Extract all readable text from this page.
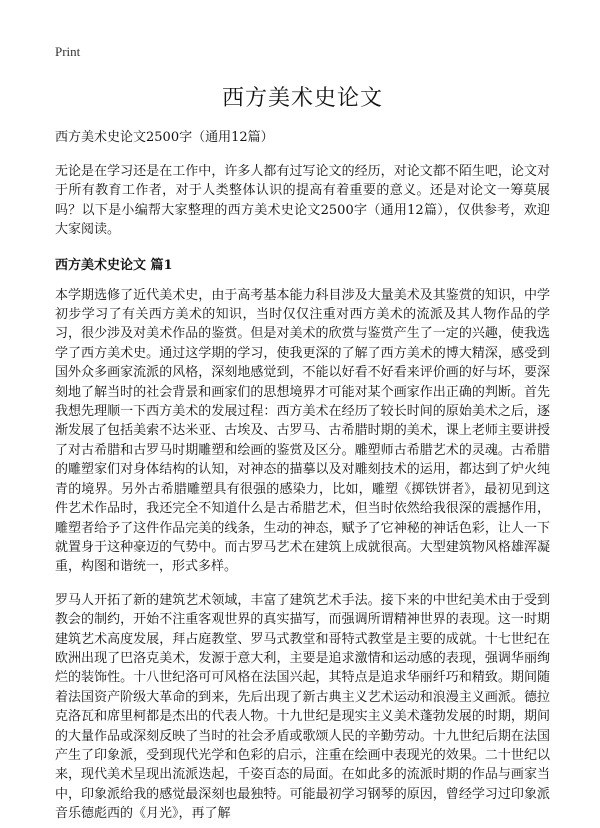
Print
西方美术史论文
西方美术史论文2500字（通用12篇）

无论是在学习还是在工作中，许多人都有过写论文的经历，对论文都不陌生吧，论文对于所有教育工作者，对于人类整体认识的提高有着重要的意义。还是对论文一筹莫展吗？以下是小编帮大家整理的西方美术史论文2500字（通用12篇），仅供参考，欢迎大家阅读。

西方美术史论文 篇1

本学期选修了近代美术史，由于高考基本能力科目涉及大量美术及其鉴赏的知识，中学初步学习了有关西方美术的知识，当时仅仅注重对西方美术的流派及其人物作品的学习，很少涉及对美术作品的鉴赏。但是对美术的欣赏与鉴赏产生了一定的兴趣，使我选学了西方美术史。通过这学期的学习，使我更深的了解了西方美术的博大精深，感受到国外众多画家流派的风格，深刻地感觉到，不能以好看不好看来评价画的好与坏，要深刻地了解当时的社会背景和画家们的思想境界才可能对某个画家作出正确的判断。首先我想先理顺一下西方美术的发展过程：西方美术在经历了较长时间的原始美术之后，逐渐发展了包括美索不达米亚、古埃及、古罗马、古希腊时期的美术，课上老师主要讲授了对古希腊和古罗马时期雕塑和绘画的鉴赏及区分。雕塑师古希腊艺术的灵魂。古希腊的雕塑家们对身体结构的认知，对神态的描摹以及对雕刻技术的运用，都达到了炉火纯青的境界。另外古希腊雕塑具有很强的感染力，比如，雕塑《掷铁饼者》，最初见到这件艺术作品时，我还完全不知道什么是古希腊艺术，但当时依然给我很深的震撼作用，雕塑者给予了这件作品完美的线条，生动的神态，赋予了它神秘的神话色彩，让人一下就置身于这种豪迈的气势中。而古罗马艺术在建筑上成就很高。大型建筑物风格雄浑凝重，构图和谐统一，形式多样。

罗马人开拓了新的建筑艺术领域，丰富了建筑艺术手法。接下来的中世纪美术由于受到教会的制约，开始不注重客观世界的真实描写，而强调所谓精神世界的表现。这一时期建筑艺术高度发展，拜占庭教堂、罗马式教堂和哥特式教堂是主要的成就。十七世纪在欧洲出现了巴洛克美术，发源于意大利，主要是追求激情和运动感的表现，强调华丽绚烂的装饰性。十八世纪洛可可风格在法国兴起，其特点是追求华丽纤巧和精致。期间随着法国资产阶级大革命的到来，先后出现了新古典主义艺术运动和浪漫主义画派。德拉克洛瓦和席里柯都是杰出的代表人物。十九世纪是现实主义美术蓬勃发展的时期，期间的大量作品或深刻反映了当时的社会矛盾或歌颂人民的辛勤劳动。十九世纪后期在法国产生了印象派，受到现代光学和色彩的启示，注重在绘画中表现光的效果。二十世纪以来，现代美术呈现出流派迭起，千姿百态的局面。在如此多的流派时期的作品与画家当中，印象派给我的感觉最深刻也最独特。可能最初学习钢琴的原因，曾经学习过印象派音乐德彪西的《月光》，再了解
